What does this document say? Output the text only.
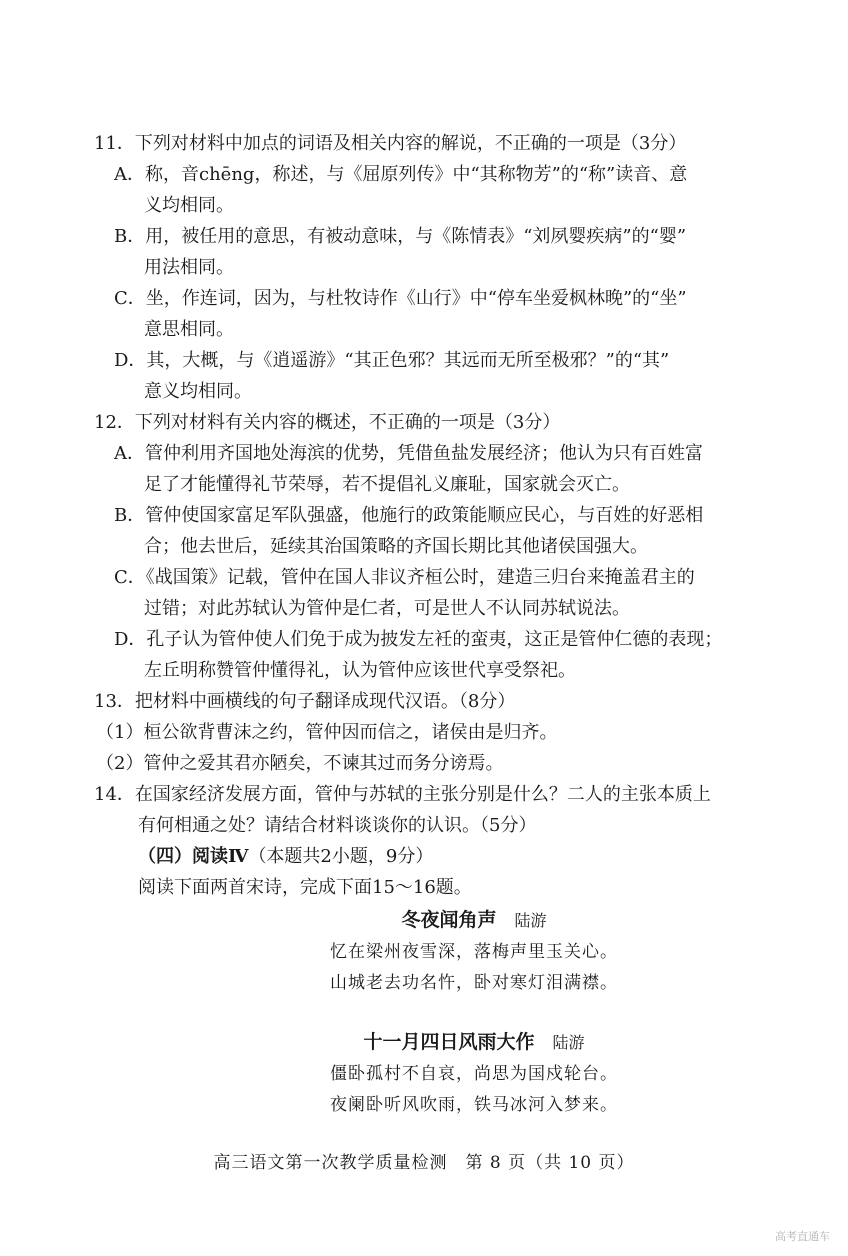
11．下列对材料中加点的词语及相关内容的解说，不正确的一项是（3分）

A．称，音chēng，称述，与《屈原列传》中“其称物芳”的“称”读音、意

义均相同。

B．用，被任用的意思，有被动意味，与《陈情表》“刘夙婴疾病”的“婴”

用法相同。

C．坐，作连词，因为，与杜牧诗作《山行》中“停车坐爱枫林晚”的“坐”

意思相同。

D．其，大概，与《逍遥游》“其正色邪？其远而无所至极邪？”的“其”

意义均相同。

12．下列对材料有关内容的概述，不正确的一项是（3分）

A．管仲利用齐国地处海滨的优势，凭借鱼盐发展经济；他认为只有百姓富

足了才能懂得礼节荣辱，若不提倡礼义廉耻，国家就会灭亡。

B．管仲使国家富足军队强盛，他施行的政策能顺应民心，与百姓的好恶相

合；他去世后，延续其治国策略的齐国长期比其他诸侯国强大。

C．《战国策》记载，管仲在国人非议齐桓公时，建造三归台来掩盖君主的

过错；对此苏轼认为管仲是仁者，可是世人不认同苏轼说法。

D．孔子认为管仲使人们免于成为披发左衽的蛮夷，这正是管仲仁德的表现；

左丘明称赞管仲懂得礼，认为管仲应该世代享受祭祀。

13．把材料中画横线的句子翻译成现代汉语。（8分）

（1）桓公欲背曹沫之约，管仲因而信之，诸侯由是归齐。

（2）管仲之爱其君亦陋矣，不谏其过而务分谤焉。

14．在国家经济发展方面，管仲与苏轼的主张分别是什么？二人的主张本质上

有何相通之处？请结合材料谈谈你的认识。（5分）

（四）阅读Ⅳ（本题共2小题，9分）

阅读下面两首宋诗，完成下面15～16题。

冬夜闻角声 陆游
忆在梁州夜雪深，落梅声里玉关心。
山城老去功名忤，卧对寒灯泪满襟。
十一月四日风雨大作 陆游
僵卧孤村不自哀，尚思为国戍轮台。
夜阑卧听风吹雨，铁马冰河入梦来。
高三语文第一次教学质量检测　第 8 页（共 10 页）
高考直通车
